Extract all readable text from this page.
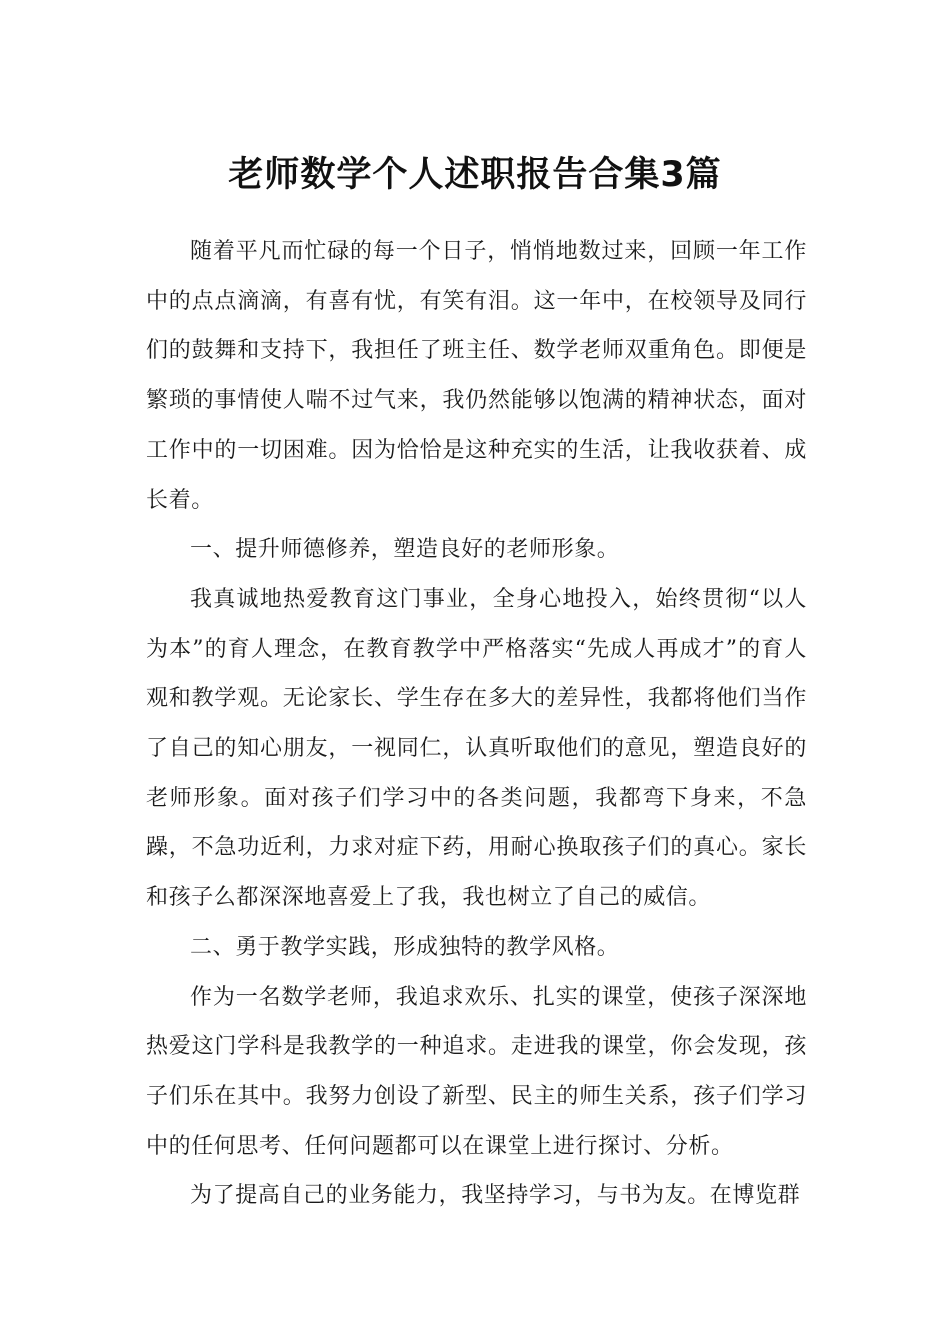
老师数学个人述职报告合集3篇

随着平凡而忙碌的每一个日子，悄悄地数过来，回顾一年工作中的点点滴滴，有喜有忧，有笑有泪。这一年中，在校领导及同行们的鼓舞和支持下，我担任了班主任、数学老师双重角色。即便是繁琐的事情使人喘不过气来，我仍然能够以饱满的精神状态，面对工作中的一切困难。因为恰恰是这种充实的生活，让我收获着、成长着。

一、提升师德修养，塑造良好的老师形象。

我真诚地热爱教育这门事业，全身心地投入，始终贯彻“以人为本”的育人理念，在教育教学中严格落实“先成人再成才”的育人观和教学观。无论家长、学生存在多大的差异性，我都将他们当作了自己的知心朋友，一视同仁，认真听取他们的意见，塑造良好的老师形象。面对孩子们学习中的各类问题，我都弯下身来，不急躁，不急功近利，力求对症下药，用耐心换取孩子们的真心。家长和孩子么都深深地喜爱上了我，我也树立了自己的威信。

二、勇于教学实践，形成独特的教学风格。

作为一名数学老师，我追求欢乐、扎实的课堂，使孩子深深地热爱这门学科是我教学的一种追求。走进我的课堂，你会发现，孩子们乐在其中。我努力创设了新型、民主的师生关系，孩子们学习中的任何思考、任何问题都可以在课堂上进行探讨、分析。

为了提高自己的业务能力，我坚持学习，与书为友。在博览群
